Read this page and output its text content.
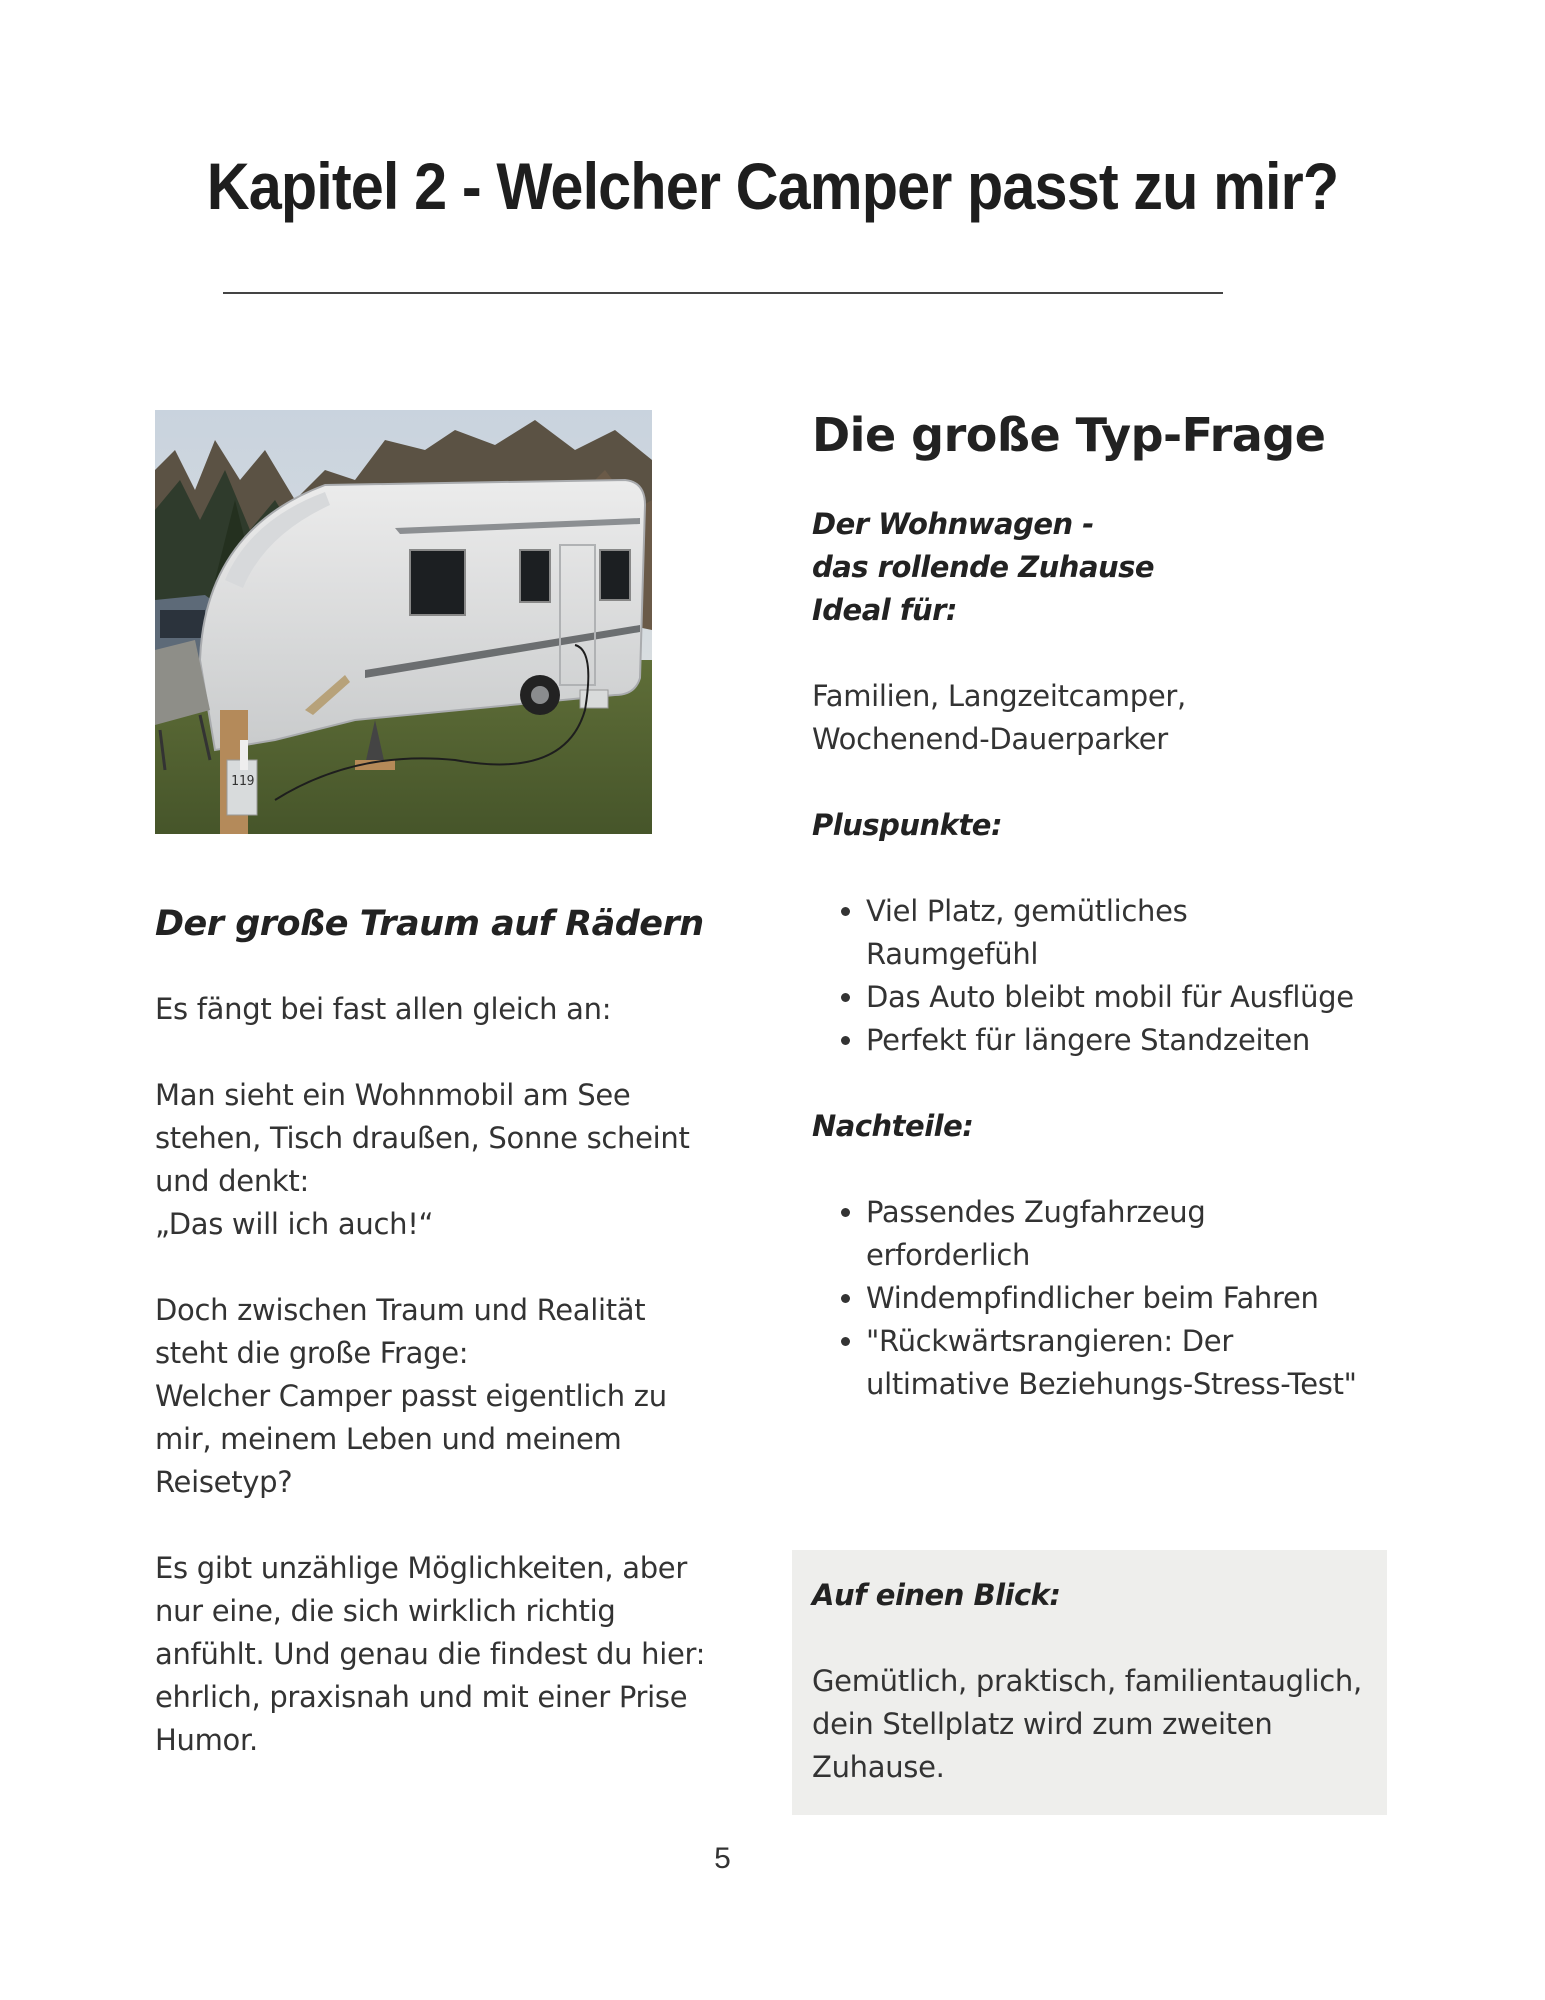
Kapitel 2 - Welcher Camper passt zu mir?
119
Der große Traum auf Rädern

Es fängt bei fast allen gleich an:

Man sieht ein Wohnmobil am See
stehen, Tisch draußen, Sonne scheint
und denkt:
„Das will ich auch!“

Doch zwischen Traum und Realität
steht die große Frage:
Welcher Camper passt eigentlich zu
mir, meinem Leben und meinem
Reisetyp?

Es gibt unzählige Möglichkeiten, aber
nur eine, die sich wirklich richtig
anfühlt. Und genau die findest du hier:
ehrlich, praxisnah und mit einer Prise
Humor.

Die große Typ-Frage

Der Wohnwagen -
das rollende Zuhause
Ideal für:

Familien, Langzeitcamper,
Wochenend-Dauerparker

Pluspunkte:

• Viel Platz, gemütliches
Raumgefühl
• Das Auto bleibt mobil für Ausflüge
• Perfekt für längere Standzeiten

Nachteile:

• Passendes Zugfahrzeug
erforderlich
• Windempfindlicher beim Fahren
• "Rückwärtsrangieren: Der
ultimative Beziehungs-Stress-Test"

Auf einen Blick:

Gemütlich, praktisch, familientauglich,
dein Stellplatz wird zum zweiten
Zuhause.

5
